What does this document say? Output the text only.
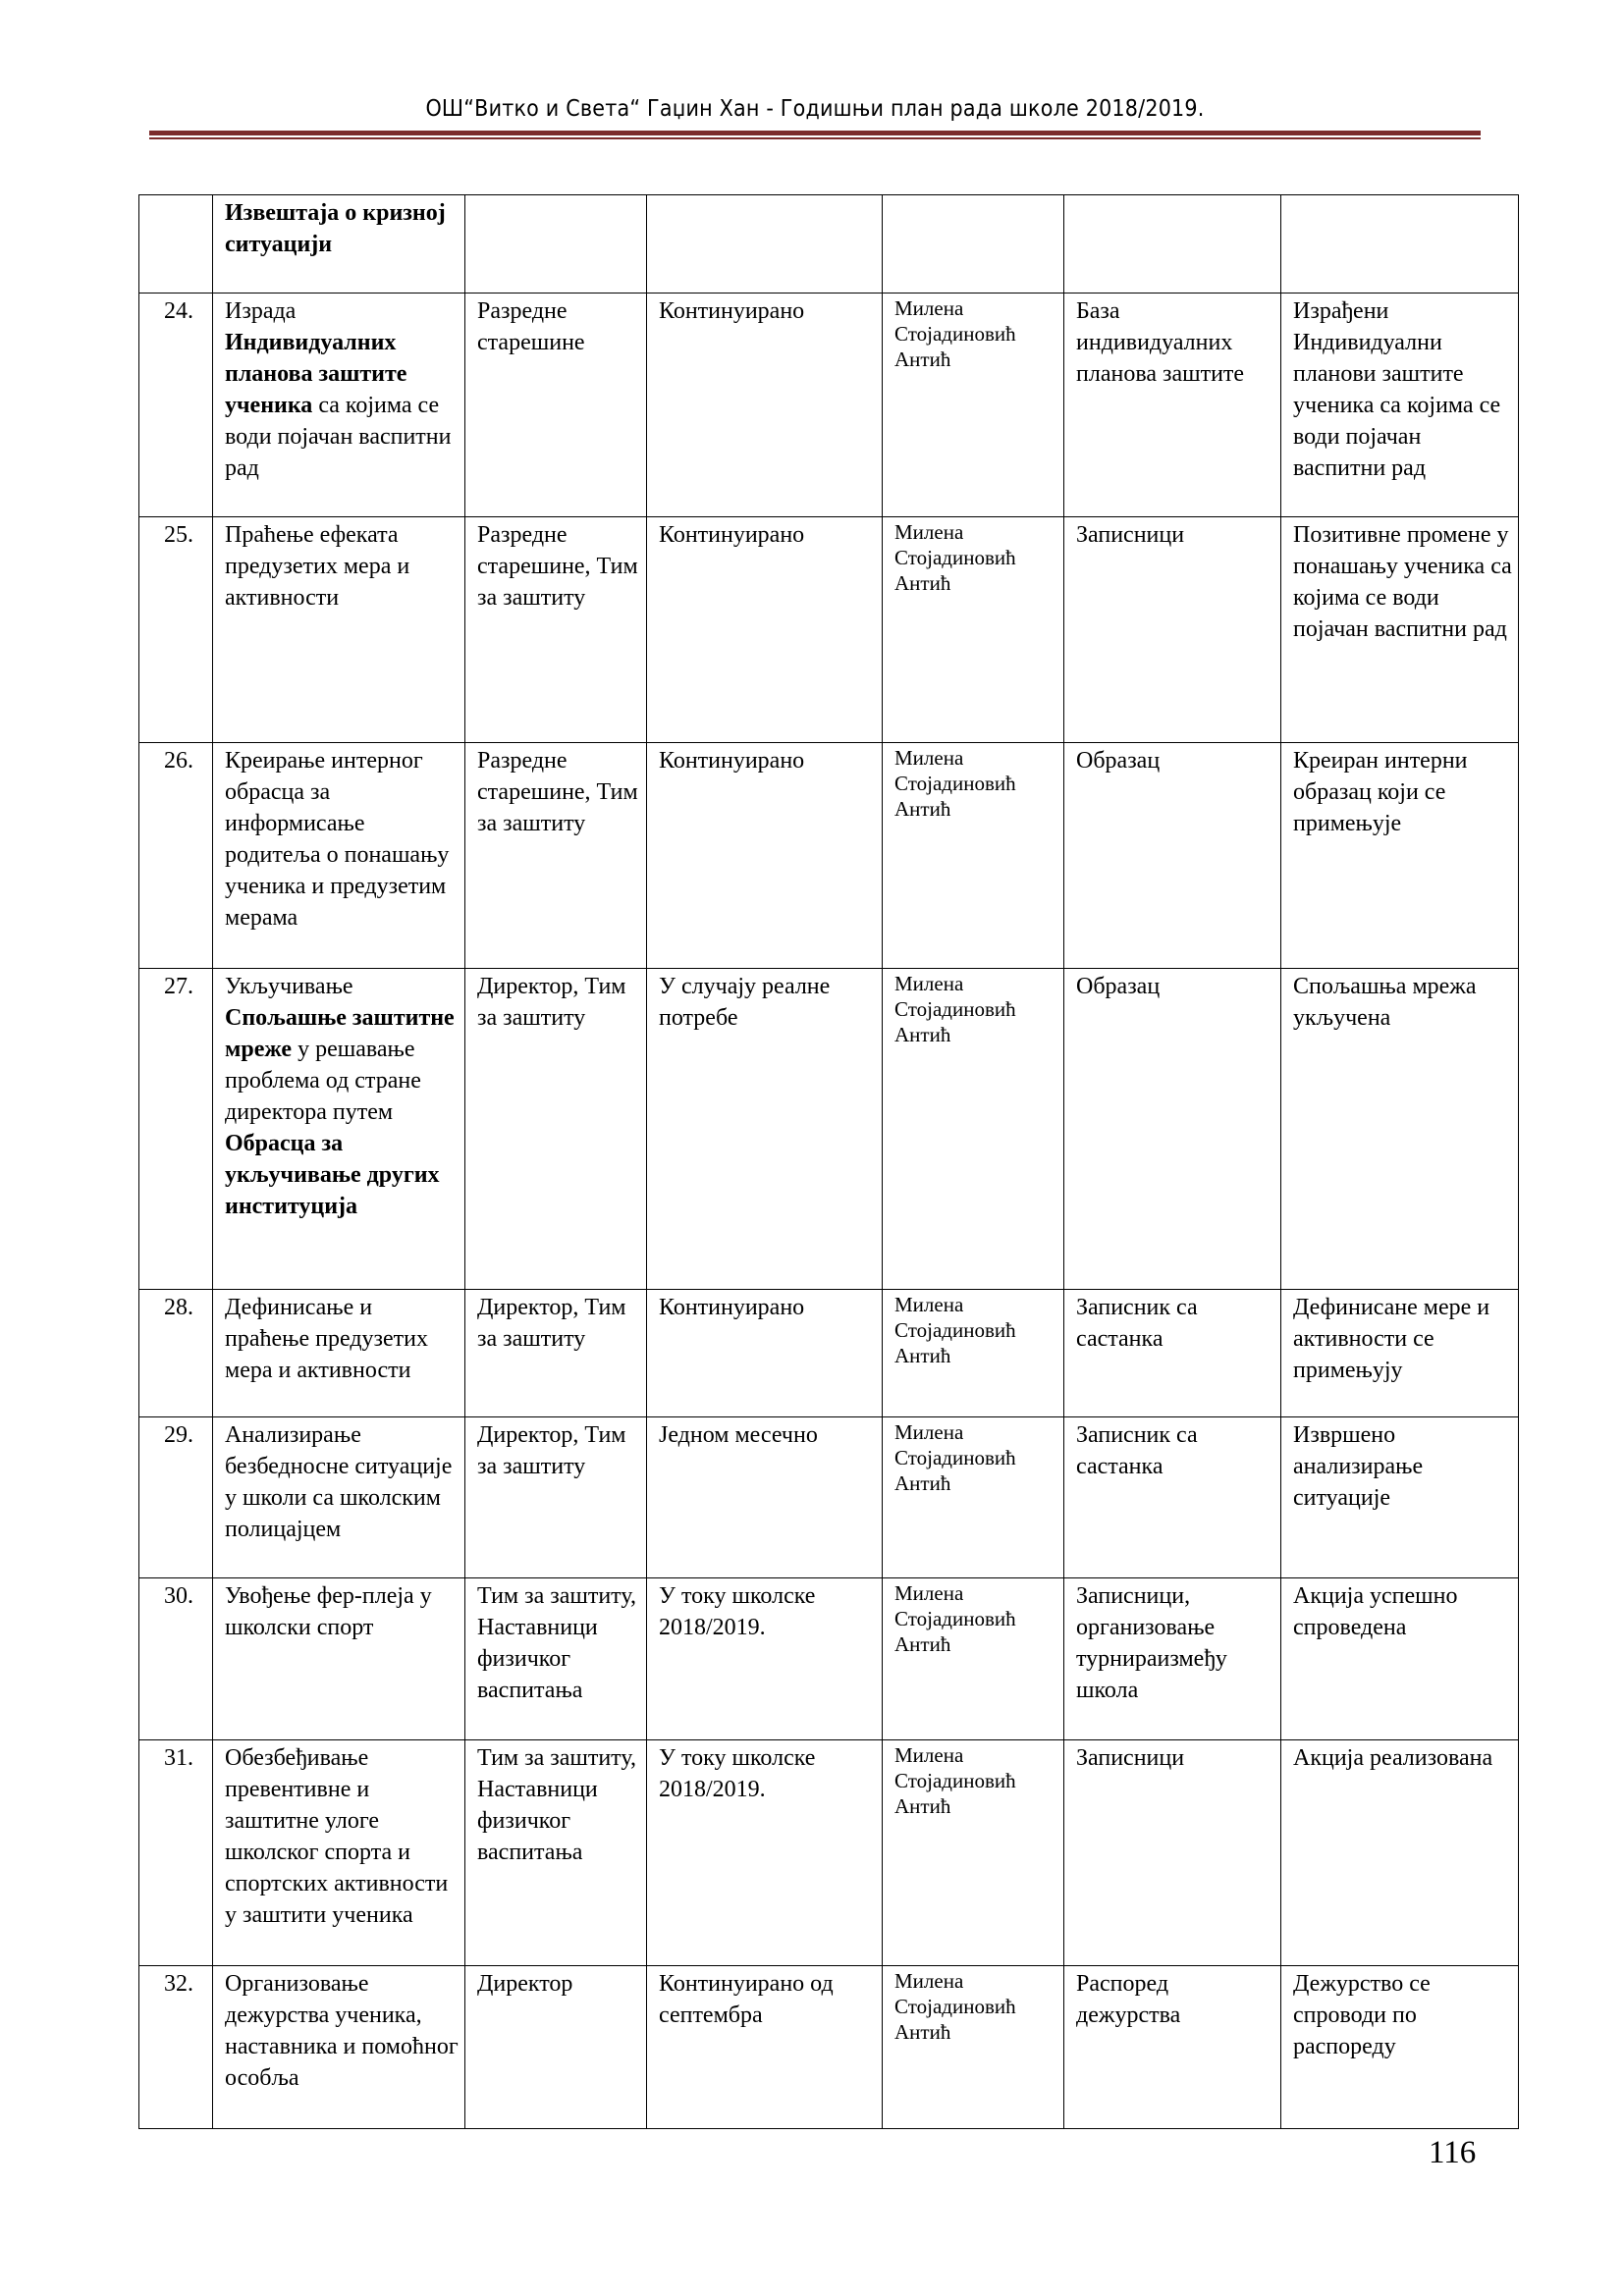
ОШ“Витко и Света“ Гаџин Хан - Годишњи план рада школе 2018/2019.
	Извештаја о кризној ситуацији					
24.	Израда Индивидуалних планова заштите ученика са којима се води појачан васпитни рад	Разредне старешине	Континуирано	Милена Стојадиновић Антић	База индивидуалних планова заштите	Израђени Индивидуални планови заштите ученика са којима се води појачан васпитни рад
25.	Праћење ефеката предузетих мера и активности	Разредне старешине, Тим за заштиту	Континуирано	Милена Стојадиновић Антић	Записници	Позитивне промене у понашању ученика са којима се води појачан васпитни рад
26.	Креирање интерног обрасца за информисање родитеља о понашању ученика и предузетим мерама	Разредне старешине, Тим за заштиту	Континуирано	Милена Стојадиновић Антић	Образац	Креиран интерни образац који се примењује
27.	Укључивање Спољашње заштитне мреже у решавање проблема од стране директора путем Обрасца за укључивање других институција	Директор, Тим за заштиту	У случају реалне потребе	Милена Стојадиновић Антић	Образац	Спољашња мрежа укључена
28.	Дефинисање и праћење предузетих мера и активности	Директор, Тим за заштиту	Континуирано	Милена Стојадиновић Антић	Записник са састанка	Дефинисане мере и активности се примењују
29.	Анализирање безбедносне ситуације у школи са школским полицајцем	Директор, Тим за заштиту	Једном месечно	Милена Стојадиновић Антић	Записник са састанка	Извршено анализирање ситуације
30.	Увођење фер-плеја у школски спорт	Тим за заштиту, Наставници физичког васпитања	У току школске 2018/2019.	Милена Стојадиновић Антић	Записници, организовање турнираизмеђу школа	Акција успешно спроведена
31.	Обезбеђивање превентивне и заштитне улоге школског спорта и спортских активности у заштити ученика	Тим за заштиту, Наставници физичког васпитања	У току школске 2018/2019.	Милена Стојадиновић Антић	Записници	Акција реализована
32.	Организовање дежурства ученика, наставника и помоћног особља	Директор	Континуирано од септембра	Милена Стојадиновић Антић	Распоред дежурства	Дежурство се спроводи по распореду
116
